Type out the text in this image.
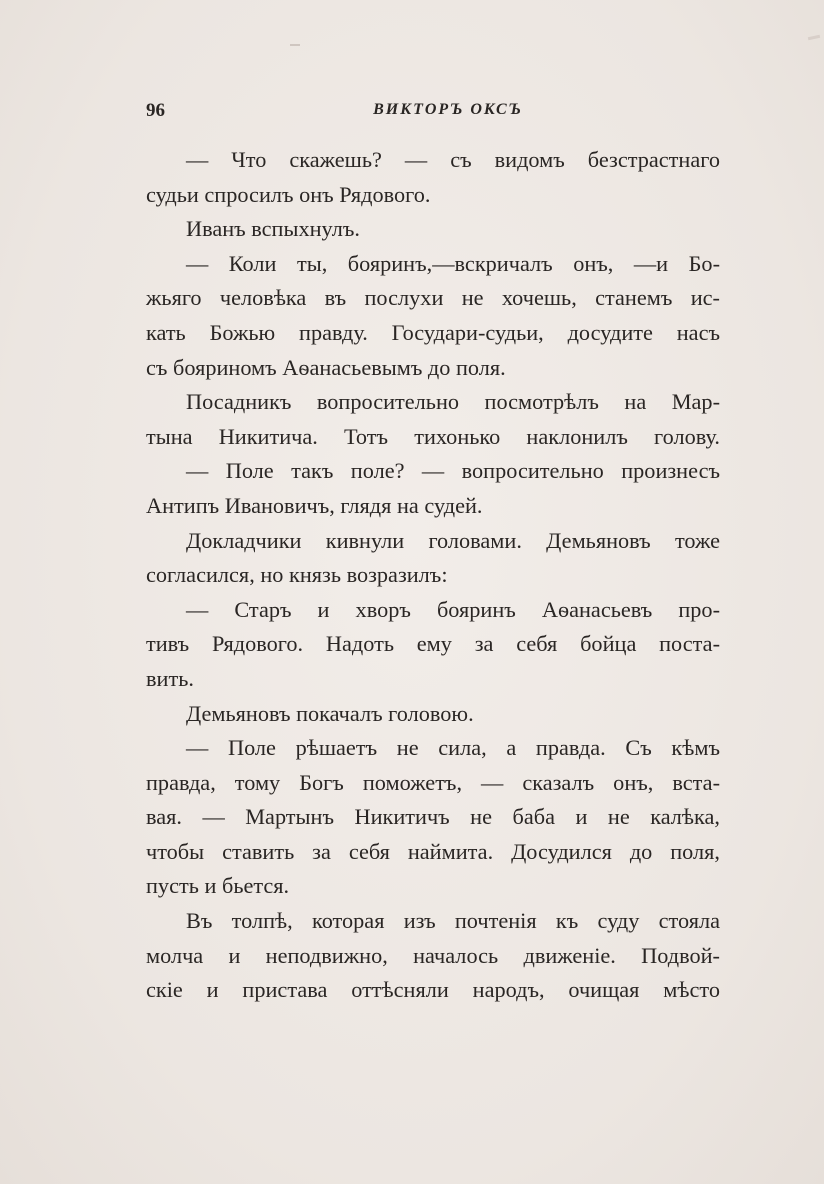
96	ВИКТОРЪ ОКСЪ
— Что скажешь? — съ видомъ безстрастнаго
судьи спросилъ онъ Рядового.
Иванъ вспыхнулъ.
— Коли ты, бояринъ,—вскричалъ онъ, —и Бо-
жьяго человѣка въ послухи не хочешь, станемъ ис-
кать Божью правду. Государи-судьи, досудите насъ
съ бояриномъ Аѳанасьевымъ до поля.
Посадникъ вопросительно посмотрѣлъ на Мар-
тына Никитича. Тотъ тихонько наклонилъ голову.
— Поле такъ поле? — вопросительно произнесъ
Антипъ Ивановичъ, глядя на судей.
Докладчики кивнули головами. Демьяновъ тоже
согласился, но князь возразилъ:
— Старъ и хворъ бояринъ Аѳанасьевъ про-
тивъ Рядового. Надоть ему за себя бойца поста-
вить.
Демьяновъ покачалъ головою.
— Поле рѣшаетъ не сила, а правда. Съ кѣмъ
правда, тому Богъ поможетъ, — сказалъ онъ, вста-
вая. — Мартынъ Никитичъ не баба и не калѣка,
чтобы ставить за себя наймита. Досудился до поля,
пусть и бьется.
Въ толпѣ, которая изъ почтенія къ суду стояла
молча и неподвижно, началось движеніе. Подвой-
скіе и пристава оттѣсняли народъ, очищая мѣсто
